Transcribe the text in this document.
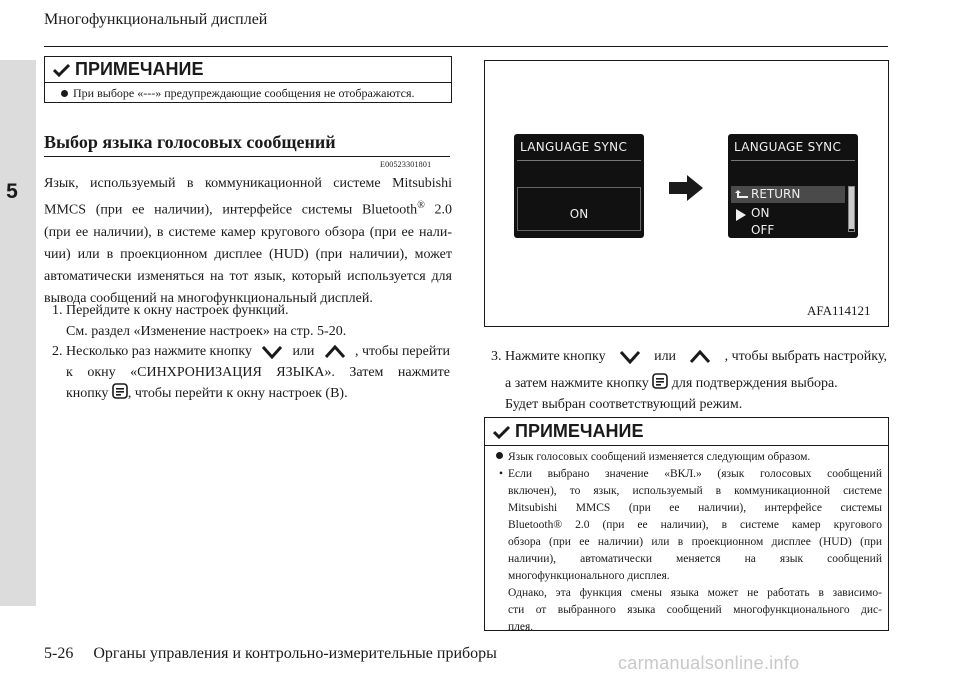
Многофункциональный дисплей
5
ПРИМЕЧАНИЕ
При выборе «---» предупреждающие сообщения не отображаются.
Выбор языка голосовых сообщений
E00523301801
Язык, используемый в коммуникационной системе Mitsubishi
MMCS (при ее наличии), интерфейсе системы Bluetooth® 2.0
(при ее наличии), в системе камер кругового обзора (при ее нали-
чии) или в проекционном дисплее (HUD) (при наличии), может
автоматически изменяться на тот язык, который используется для
вывода сообщений на многофункциональный дисплей.
1. Перейдите к окну настроек функций.
См. раздел «Изменение настроек» на стр. 5-20.
2. Несколько раз нажмите кнопку	или	, чтобы перейти
к окну «СИНХРОНИЗАЦИЯ ЯЗЫКА». Затем нажмите
кнопку , чтобы перейти к окну настроек (B).
LANGUAGE SYNC
ON
LANGUAGE SYNC
RETURN
ON
OFF
AFA114121
3. Нажмите кнопку	или	, чтобы выбрать настройку,
а затем нажмите кнопку для подтверждения выбора.
Будет выбран соответствующий режим.
ПРИМЕЧАНИЕ
Язык голосовых сообщений изменяется следующим образом.
• Если выбрано значение «ВКЛ.» (язык голосовых сообщений
включен), то язык, используемый в коммуникационной системе
Mitsubishi MMCS (при ее наличии), интерфейсе системы
Bluetooth® 2.0 (при ее наличии), в системе камер кругового
обзора (при ее наличии) или в проекционном дисплее (HUD) (при
наличии), автоматически меняется на язык сообщений
многофункционального дисплея.
Однако, эта функция смены языка может не работать в зависимо-
сти от выбранного языка сообщений многофункционального дис-
плея.
5-26 Органы управления и контрольно-измерительные приборы	carmanualsonline.info
